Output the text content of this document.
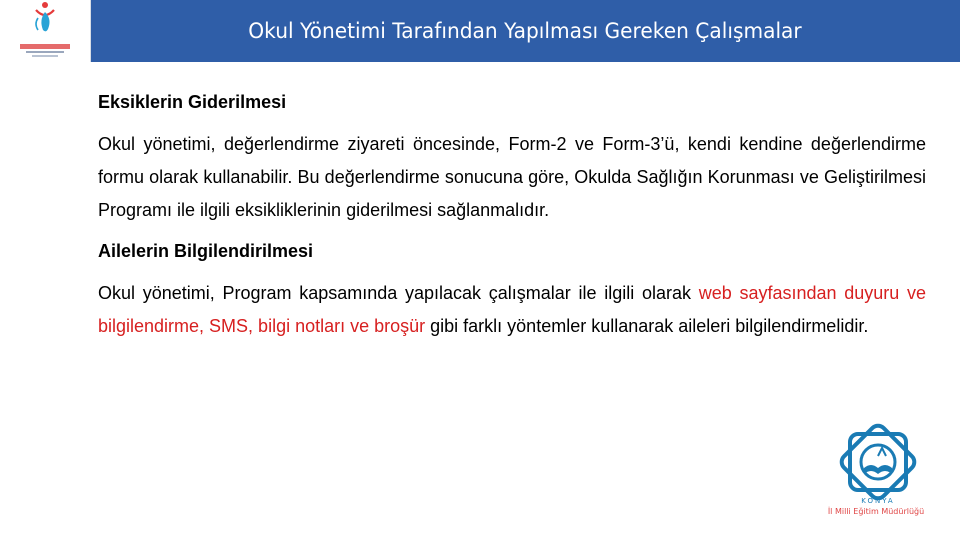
Okul Yönetimi Tarafından Yapılması Gereken Çalışmalar

Eksiklerin Giderilmesi

Okul yönetimi, değerlendirme ziyareti öncesinde, Form-2 ve Form-3’ü, kendi kendine değerlendirme formu olarak kullanabilir. Bu değerlendirme sonucuna göre, Okulda Sağlığın Korunması ve Geliştirilmesi Programı ile ilgili eksikliklerinin giderilmesi sağlanmalıdır.

Ailelerin Bilgilendirilmesi

Okul yönetimi, Program kapsamında yapılacak çalışmalar ile ilgili olarak web sayfasından duyuru ve bilgilendirme, SMS, bilgi notları ve broşür gibi farklı yöntemler kullanarak aileleri bilgilendirmelidir.

KONYA
İl Milli Eğitim Müdürlüğü
